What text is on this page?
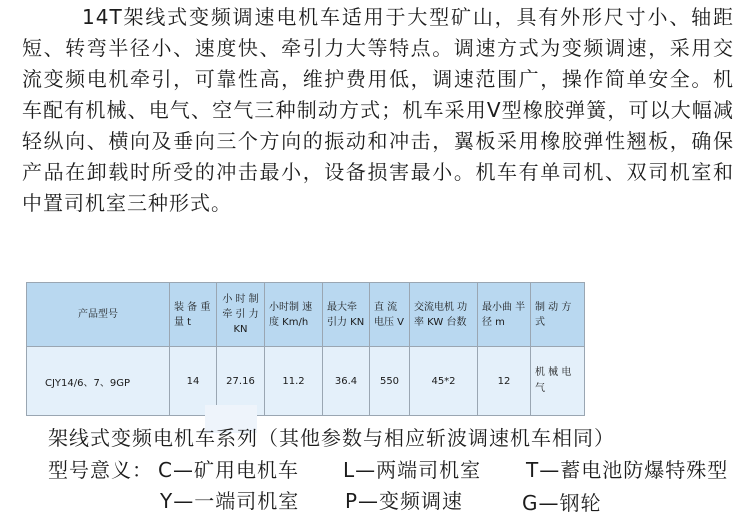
14T架线式变频调速电机车适用于大型矿山，具有外形尺寸小、轴距短、转弯半径小、速度快、牵引力大等特点。调速方式为变频调速，采用交流变频电机牵引，可靠性高，维护费用低，调速范围广，操作简单安全。机车配有机械、电气、空气三种制动方式；机车采用V型橡胶弹簧，可以大幅减轻纵向、横向及垂向三个方向的振动和冲击，翼板采用橡胶弹性翘板，确保产品在卸载时所受的冲击最小，设备损害最小。机车有单司机、双司机室和中置司机室三种形式。

产品型号	装 备 重量 t	小 时 制 牵 引 力 KN	小时制 速度 Km/h	最大牵 引力 KN	直 流 电压 V	交流电机 功率 KW 台数	最小曲 半径 m	制 动 方式
CJY14/6、7、9GP	14	27.16	11.2	36.4	550	45*2	12	机 械 电气

架线式变频电机车系列（其他参数与相应斩波调速机车相同）

型号意义： C—矿用电机车 L—两端司机室 T—蓄电池防爆特殊型

Y—一端司机室 P—变频调速	G—钢轮
